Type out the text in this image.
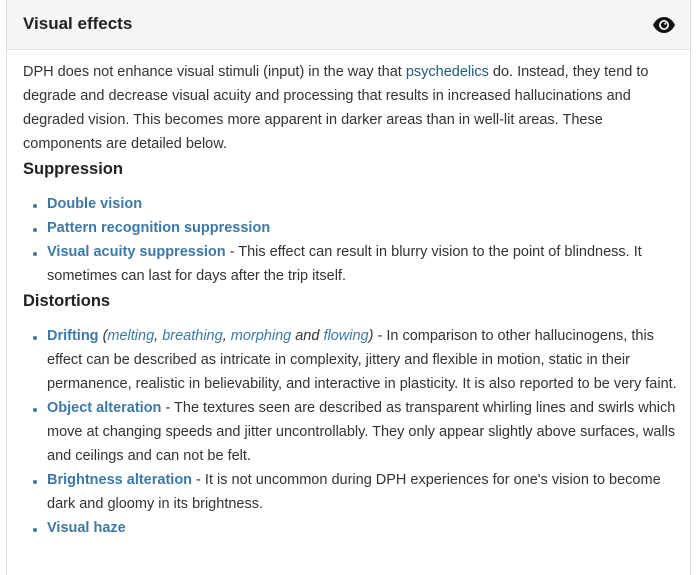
Visual effects

DPH does not enhance visual stimuli (input) in the way that psychedelics do. Instead, they tend to degrade and decrease visual acuity and processing that results in increased hallucinations and degraded vision. This becomes more apparent in darker areas than in well-lit areas. These components are detailed below.

Suppression
Double vision
Pattern recognition suppression
Visual acuity suppression - This effect can result in blurry vision to the point of blindness. It sometimes can last for days after the trip itself.
Distortions
Drifting (melting, breathing, morphing and flowing) - In comparison to other hallucinogens, this effect can be described as intricate in complexity, jittery and flexible in motion, static in their permanence, realistic in believability, and interactive in plasticity. It is also reported to be very faint.
Object alteration - The textures seen are described as transparent whirling lines and swirls which move at changing speeds and jitter uncontrollably. They only appear slightly above surfaces, walls and ceilings and can not be felt.
Brightness alteration - It is not uncommon during DPH experiences for one's vision to become dark and gloomy in its brightness.
Visual haze
